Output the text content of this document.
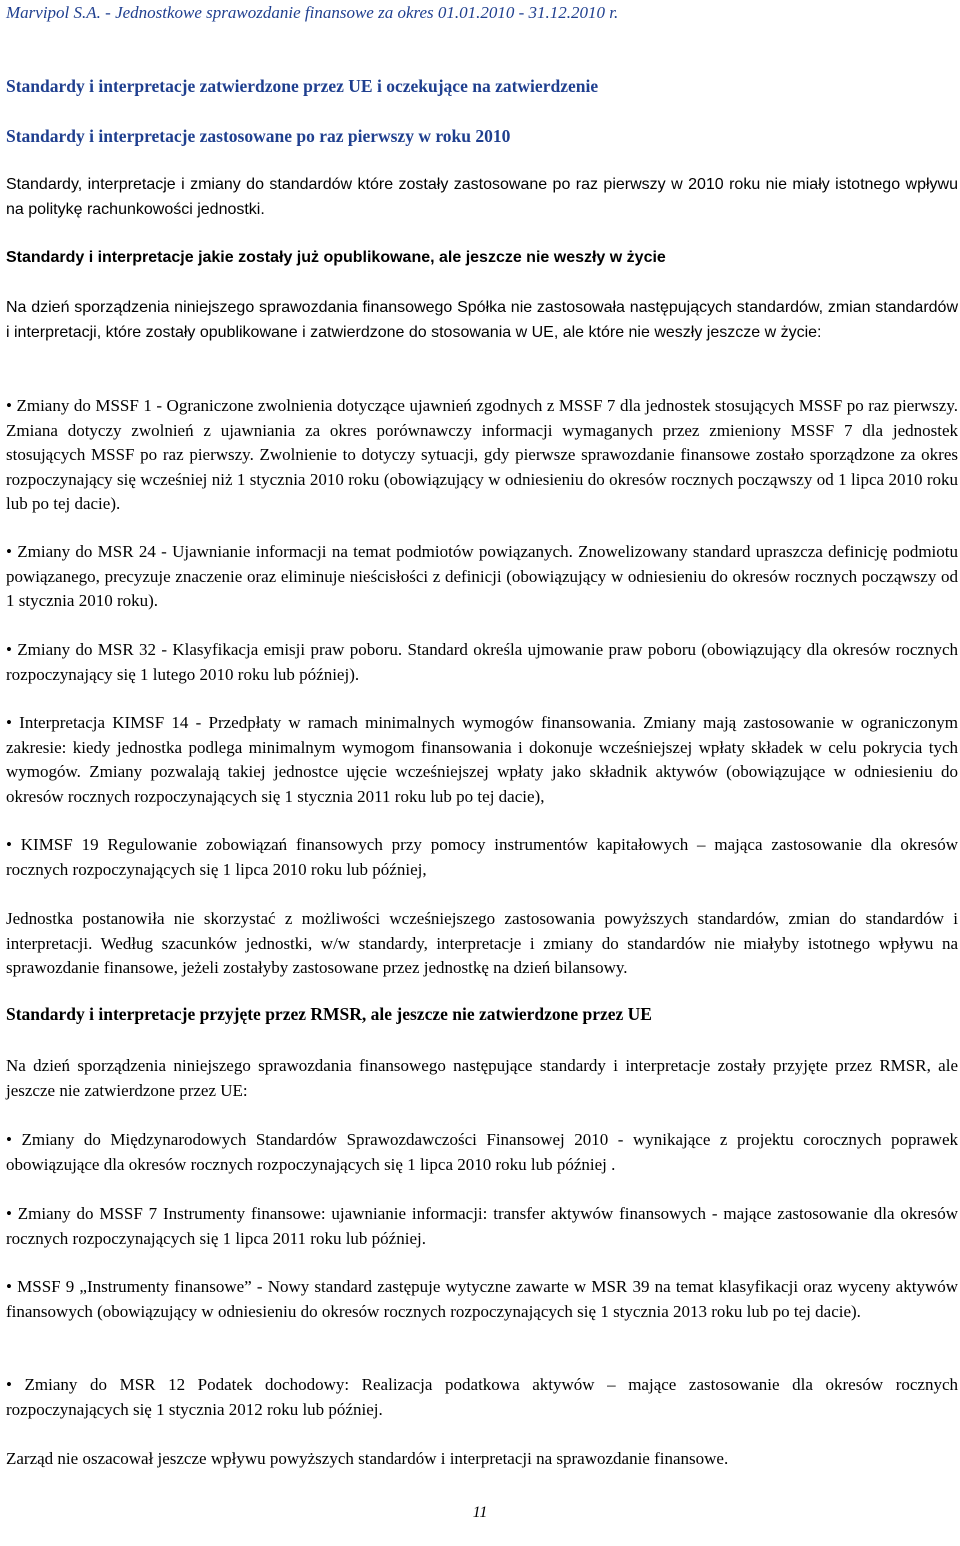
Marvipol S.A. - Jednostkowe sprawozdanie finansowe za okres 01.01.2010 - 31.12.2010 r.
Standardy i interpretacje zatwierdzone przez UE i oczekujące na zatwierdzenie
Standardy i interpretacje zastosowane po raz pierwszy w roku 2010

Standardy, interpretacje i zmiany do standardów które zostały zastosowane po raz pierwszy w 2010 roku nie miały istotnego wpływu na politykę rachunkowości jednostki.

Standardy i interpretacje jakie zostały już opublikowane, ale jeszcze nie weszły w życie

Na dzień sporządzenia niniejszego sprawozdania finansowego Spółka nie zastosowała następujących standardów, zmian standardów i interpretacji, które zostały opublikowane i zatwierdzone do stosowania w UE, ale które nie weszły jeszcze w życie:

• Zmiany do MSSF 1 - Ograniczone zwolnienia dotyczące ujawnień zgodnych z MSSF 7 dla jednostek stosujących MSSF po raz pierwszy. Zmiana dotyczy zwolnień z ujawniania za okres porównawczy informacji wymaganych przez zmieniony MSSF 7 dla jednostek stosujących MSSF po raz pierwszy. Zwolnienie to dotyczy sytuacji, gdy pierwsze sprawozdanie finansowe zostało sporządzone za okres rozpoczynający się wcześniej niż 1 stycznia 2010 roku (obowiązujący w odniesieniu do okresów rocznych począwszy od 1 lipca 2010 roku lub po tej dacie).

• Zmiany do MSR 24 - Ujawnianie informacji na temat podmiotów powiązanych. Znowelizowany standard upraszcza definicję podmiotu powiązanego, precyzuje znaczenie oraz eliminuje nieścisłości z definicji (obowiązujący w odniesieniu do okresów rocznych począwszy od 1 stycznia 2010 roku).

• Zmiany do MSR 32 - Klasyfikacja emisji praw poboru. Standard określa ujmowanie praw poboru (obowiązujący dla okresów rocznych rozpoczynający się 1 lutego 2010 roku lub później).

• Interpretacja KIMSF 14 - Przedpłaty w ramach minimalnych wymogów finansowania. Zmiany mają zastosowanie w ograniczonym zakresie: kiedy jednostka podlega minimalnym wymogom finansowania i dokonuje wcześniejszej wpłaty składek w celu pokrycia tych wymogów. Zmiany pozwalają takiej jednostce ujęcie wcześniejszej wpłaty jako składnik aktywów (obowiązujące w odniesieniu do okresów rocznych rozpoczynających się 1 stycznia 2011 roku lub po tej dacie),

• KIMSF 19 Regulowanie zobowiązań finansowych przy pomocy instrumentów kapitałowych – mająca zastosowanie dla okresów rocznych rozpoczynających się 1 lipca 2010 roku lub później,

Jednostka postanowiła nie skorzystać z możliwości wcześniejszego zastosowania powyższych standardów, zmian do standardów i interpretacji. Według szacunków jednostki, w/w standardy, interpretacje i zmiany do standardów nie miałyby istotnego wpływu na sprawozdanie finansowe, jeżeli zostałyby zastosowane przez jednostkę na dzień bilansowy.

Standardy i interpretacje przyjęte przez RMSR, ale jeszcze nie zatwierdzone przez UE

Na dzień sporządzenia niniejszego sprawozdania finansowego następujące standardy i interpretacje zostały przyjęte przez RMSR, ale jeszcze nie zatwierdzone przez UE:

• Zmiany do Międzynarodowych Standardów Sprawozdawczości Finansowej 2010 - wynikające z projektu corocznych poprawek obowiązujące dla okresów rocznych rozpoczynających się 1 lipca 2010 roku lub później .

• Zmiany do MSSF 7 Instrumenty finansowe: ujawnianie informacji: transfer aktywów finansowych - mające zastosowanie dla okresów rocznych rozpoczynających się 1 lipca 2011 roku lub później.

• MSSF 9 „Instrumenty finansowe” - Nowy standard zastępuje wytyczne zawarte w MSR 39 na temat klasyfikacji oraz wyceny aktywów finansowych (obowiązujący w odniesieniu do okresów rocznych rozpoczynających się 1 stycznia 2013 roku lub po tej dacie).

• Zmiany do MSR 12 Podatek dochodowy: Realizacja podatkowa aktywów – mające zastosowanie dla okresów rocznych rozpoczynających się 1 stycznia 2012 roku lub później.

Zarząd nie oszacował jeszcze wpływu powyższych standardów i interpretacji na sprawozdanie finansowe.

11
